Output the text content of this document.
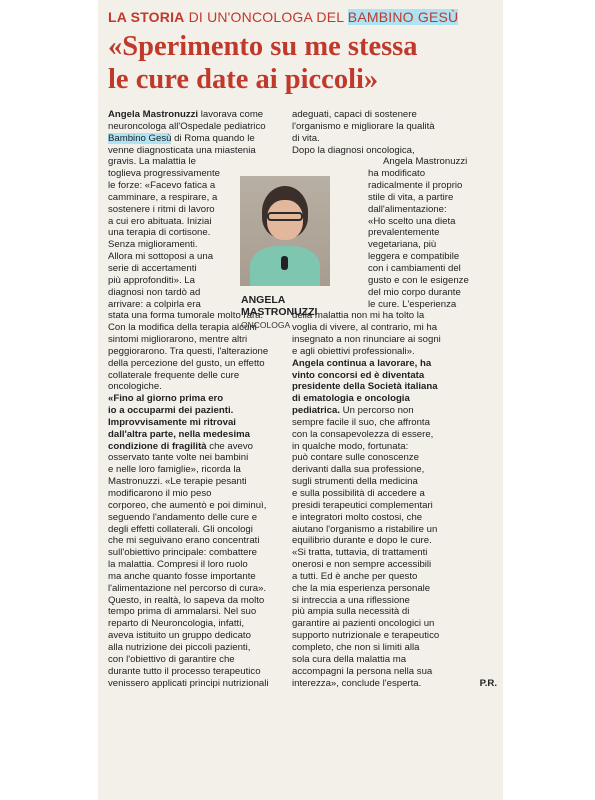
LA STORIA DI UN'ONCOLOGA DEL BAMBINO GESÙ
«Sperimento su me stessa
le cure date ai piccoli»
Angela Mastronuzzi lavorava come
neuroncologa all'Ospedale pediatrico
Bambino Gesù di Roma quando le
venne diagnosticata una miastenia
gravis. La malattia le
toglieva progressivamente
le forze: «Facevo fatica a
camminare, a respirare, a
sostenere i ritmi di lavoro
a cui ero abituata. Iniziai
una terapia di cortisone.
Senza miglioramenti.
Allora mi sottoposi a una
serie di accertamenti
più approfonditi». La
diagnosi non tardò ad
arrivare: a colpirla era
stata una forma tumorale molto rara.
Con la modifica della terapia alcuni
sintomi migliorarono, mentre altri
peggiorarono. Tra questi, l'alterazione
della percezione del gusto, un effetto
collaterale frequente delle cure
oncologiche.
«Fino al giorno prima ero
io a occuparmi dei pazienti.
Improvvisamente mi ritrovai
dall'altra parte, nella medesima
condizione di fragilità che avevo
osservato tante volte nei bambini
e nelle loro famiglie», ricorda la
Mastronuzzi. «Le terapie pesanti
modificarono il mio peso
corporeo, che aumentò e poi diminuì,
seguendo l'andamento delle cure e
degli effetti collaterali. Gli oncologi
che mi seguivano erano concentrati
sull'obiettivo principale: combattere
la malattia. Compresi il loro ruolo
ma anche quanto fosse importante
l'alimentazione nel percorso di cura».
Questo, in realtà, lo sapeva da molto
tempo prima di ammalarsi. Nel suo
reparto di Neuroncologia, infatti,
aveva istituito un gruppo dedicato
alla nutrizione dei piccoli pazienti,
con l'obiettivo di garantire che
durante tutto il processo terapeutico
venissero applicati principi nutrizionali
ANGELA
MASTRONUZZI
ONCOLOGA
adeguati, capaci di sostenere
l'organismo e migliorare la qualità
di vita.
Dopo la diagnosi oncologica,
Angela Mastronuzzi
ha modificato
radicalmente il proprio
stile di vita, a partire
dall'alimentazione:
«Ho scelto una dieta
prevalentemente
vegetariana, più
leggera e compatibile
con i cambiamenti del
gusto e con le esigenze
del mio corpo durante
le cure. L'esperienza
della malattia non mi ha tolto la
voglia di vivere, al contrario, mi ha
insegnato a non rinunciare ai sogni
e agli obiettivi professionali».
Angela continua a lavorare, ha
vinto concorsi ed è diventata
presidente della Società italiana
di ematologia e oncologia
pediatrica. Un percorso non
sempre facile il suo, che affronta
con la consapevolezza di essere,
in qualche modo, fortunata:
può contare sulle conoscenze
derivanti dalla sua professione,
sugli strumenti della medicina
e sulla possibilità di accedere a
presidi terapeutici complementari
e integratori molto costosi, che
aiutano l'organismo a ristabilire un
equilibrio durante e dopo le cure.
«Si tratta, tuttavia, di trattamenti
onerosi e non sempre accessibili
a tutti. Ed è anche per questo
che la mia esperienza personale
si intreccia a una riflessione
più ampia sulla necessità di
garantire ai pazienti oncologici un
supporto nutrizionale e terapeutico
completo, che non si limiti alla
sola cura della malattia ma
accompagni la persona nella sua
interezza», conclude l'esperta.	P.R.
